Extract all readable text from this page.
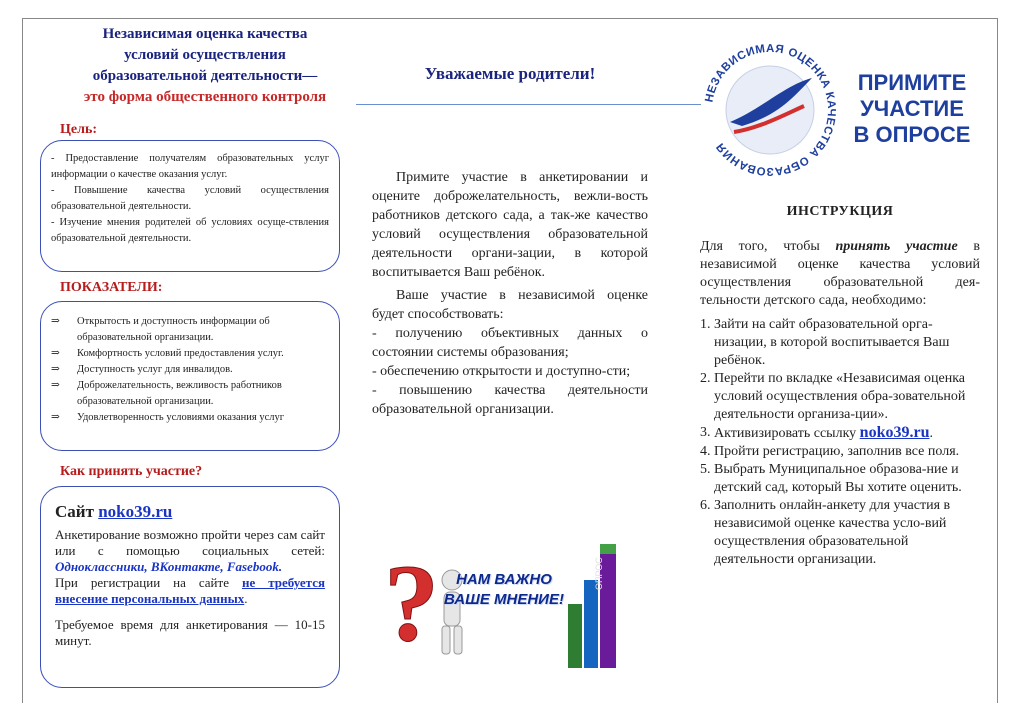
Независимая оценка качества
условий осуществления
образовательной деятельности—
это форма общественного контроля
Уважаемые родители!
Цель:

- Предоставление получателям образовательных услуг информации о качестве оказания услуг.

- Повышение качества условий осуществления образовательной деятельности.

- Изучение мнения родителей об условиях осуще-ствления образовательной деятельности.

ПОКАЗАТЕЛИ:
⇒ Открытость и доступность информации об образовательной организации.
⇒ Комфортность условий предоставления услуг.
⇒ Доступность услуг для инвалидов.
⇒ Доброжелательность, вежливость работников образовательной организации.
⇒ Удовлетворенность условиями оказания услуг
Как принять участие?

Сайт noko39.ru

Анкетирование возможно пройти через сам сайт или с помощью социальных сетей: Одноклассники, ВКонтакте, Fasebook.

При регистрации на сайте не требуется внесение персональных данных.

Требуемое время для анкетирования — 10-15 минут.

Примите участие в анкетировании и оцените доброжелательность, вежли-вость работников детского сада, а так-же качество условий осуществления образовательной деятельности органи-зации, в которой воспитывается Ваш ребёнок.

Ваше участие в независимой оценке будет способствовать:

- получению объективных данных о состоянии системы образования;

- обеспечению открытости и доступно-сти;

- повышению качества деятельности образовательной организации.

?	НАМ ВАЖНО ВАШЕ МНЕНИЕ!
ОПРОС
НЕЗАВИСИМАЯ ОЦЕНКА КАЧЕСТВА ОБРАЗОВАНИЯ
ПРИМИТЕ
УЧАСТИЕ
В ОПРОСЕ
ИНСТРУКЦИЯ
Для того, чтобы принять участие в независимой оценке качества условий осуществления образовательной дея-тельности детского сада, необходимо:
1. Зайти на сайт образовательной орга-низации, в которой воспитывается Ваш ребёнок.
2. Перейти по вкладке «Независимая оценка условий осуществления обра-зовательной деятельности организа-ции».
3. Активизировать ссылку noko39.ru.
4. Пройти регистрацию, заполнив все поля.
5. Выбрать Муниципальное образова-ние и детский сад, который Вы хотите оценить.
6. Заполнить онлайн-анкету для участия в независимой оценке качества усло-вий осуществления образовательной деятельности организации.
